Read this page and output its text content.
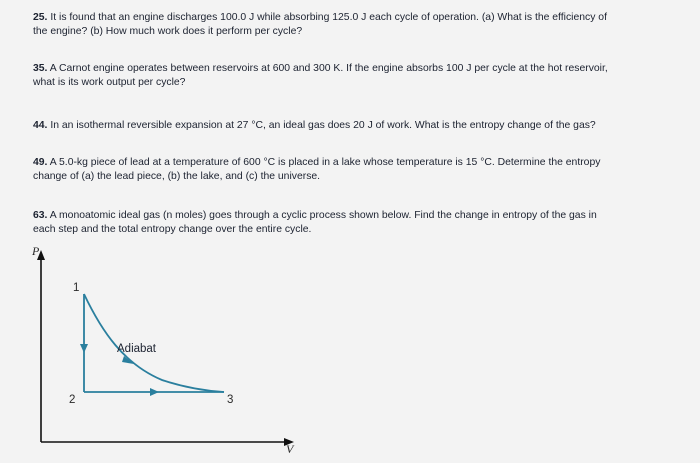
25. It is found that an engine discharges 100.0 J while absorbing 125.0 J each cycle of operation. (a) What is the efficiency of
the engine? (b) How much work does it perform per cycle?

35. A Carnot engine operates between reservoirs at 600 and 300 K. If the engine absorbs 100 J per cycle at the hot reservoir,
what is its work output per cycle?

44. In an isothermal reversible expansion at 27 °C, an ideal gas does 20 J of work. What is the entropy change of the gas?

49. A 5.0-kg piece of lead at a temperature of 600 °C is placed in a lake whose temperature is 15 °C. Determine the entropy
change of (a) the lead piece, (b) the lake, and (c) the universe.

63. A monoatomic ideal gas (n moles) goes through a cyclic process shown below. Find the change in entropy of the gas in
each step and the total entropy change over the entire cycle.

P
V
1
2	3
Adiabat
